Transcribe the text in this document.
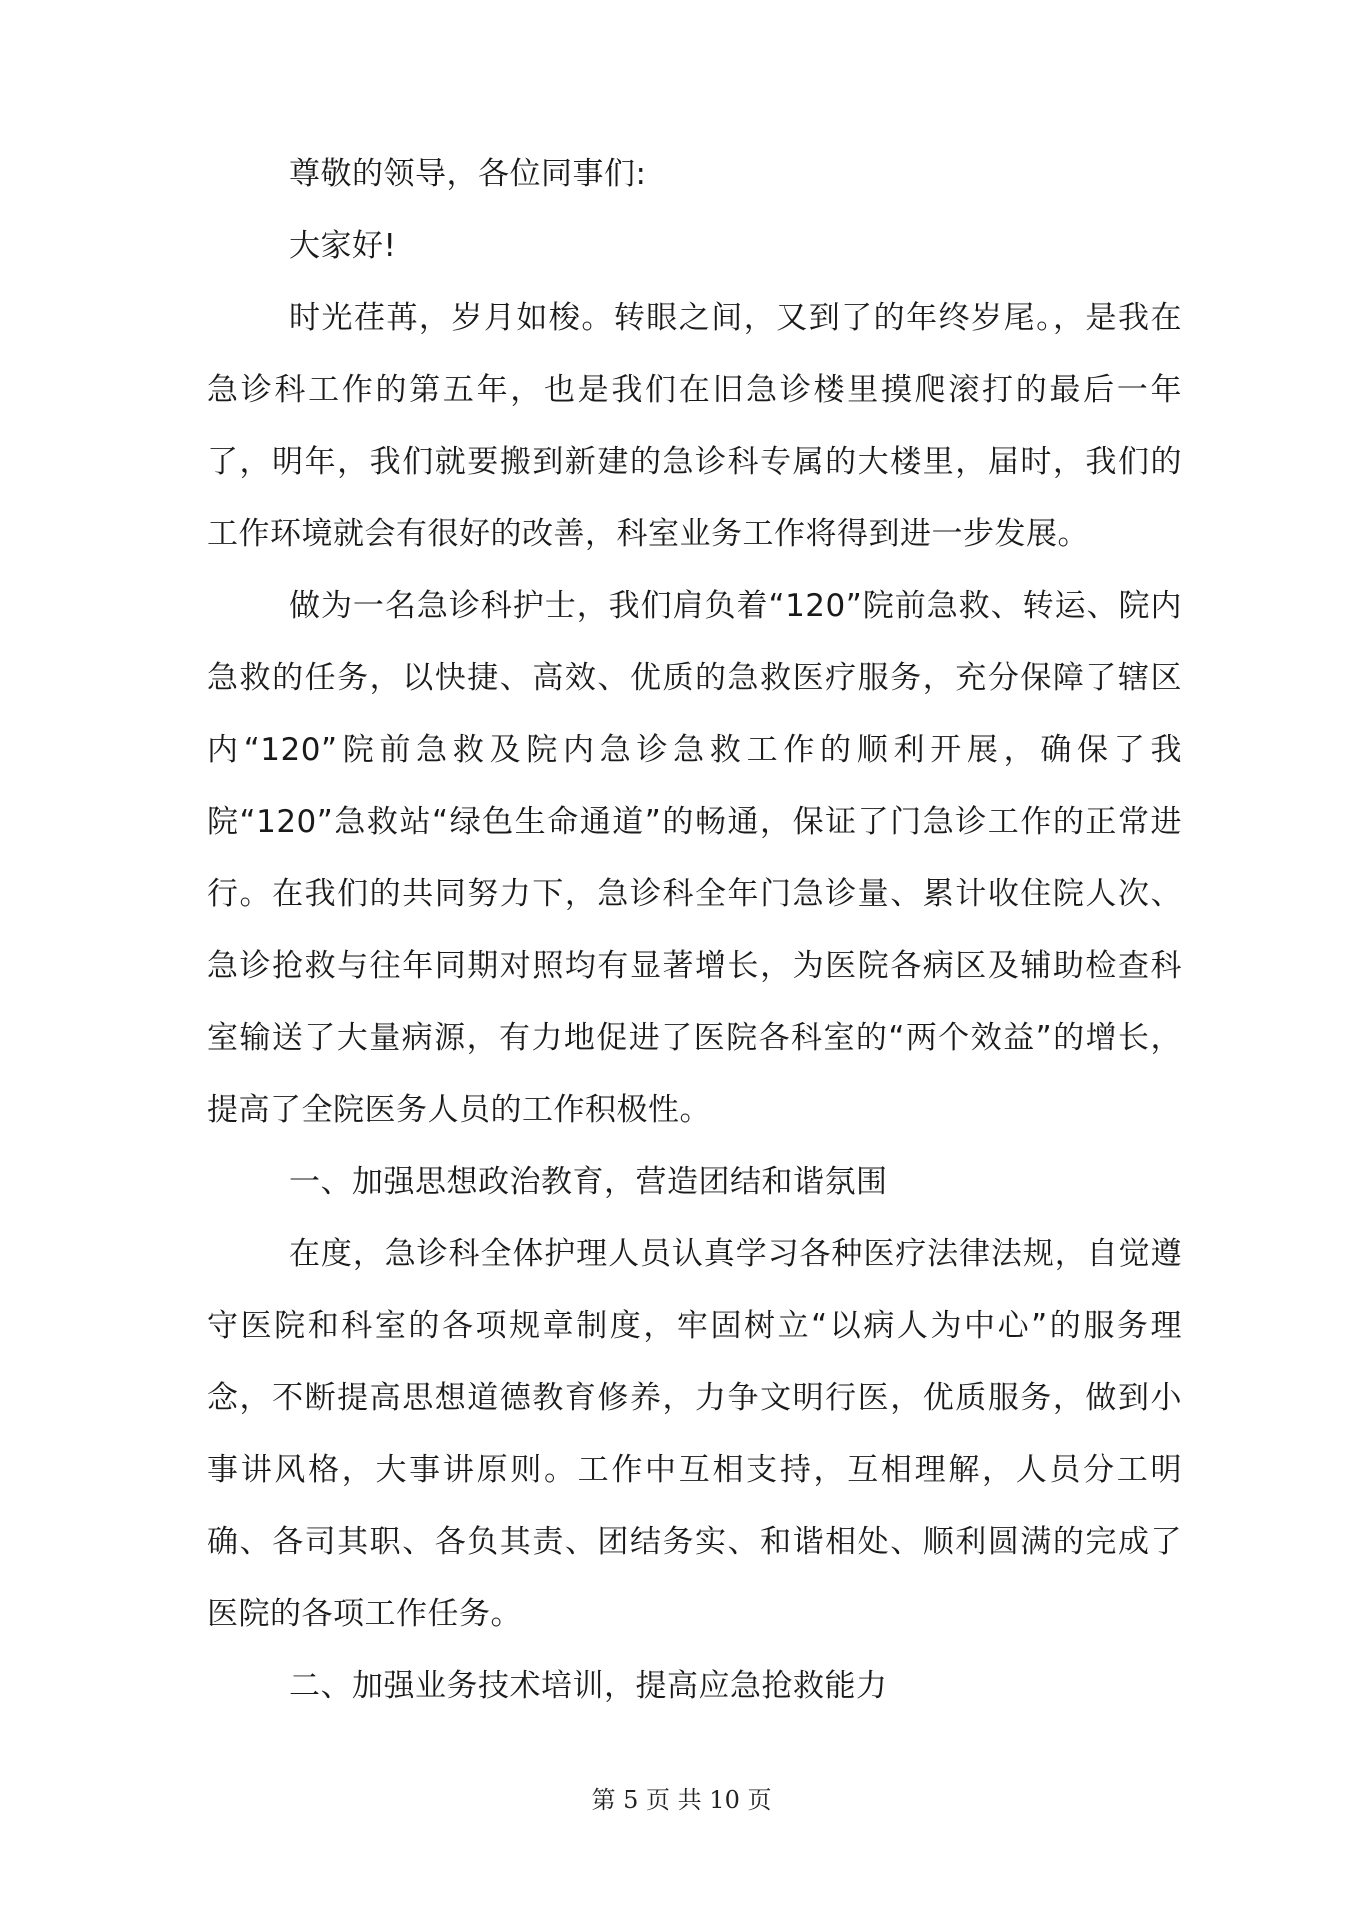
尊敬的领导，各位同事们:

大家好!

时光荏苒，岁月如梭。转眼之间，又到了的年终岁尾。，是我在急诊科工作的第五年，也是我们在旧急诊楼里摸爬滚打的最后一年了，明年，我们就要搬到新建的急诊科专属的大楼里，届时，我们的工作环境就会有很好的改善，科室业务工作将得到进一步发展。

做为一名急诊科护士，我们肩负着“120”院前急救、转运、院内急救的任务，以快捷、高效、优质的急救医疗服务，充分保障了辖区内“120”院前急救及院内急诊急救工作的顺利开展，确保了我院“120”急救站“绿色生命通道”的畅通，保证了门急诊工作的正常进行。在我们的共同努力下，急诊科全年门急诊量、累计收住院人次、急诊抢救与往年同期对照均有显著增长，为医院各病区及辅助检查科室输送了大量病源，有力地促进了医院各科室的“两个效益”的增长，提高了全院医务人员的工作积极性。

一、加强思想政治教育，营造团结和谐氛围

在度，急诊科全体护理人员认真学习各种医疗法律法规，自觉遵守医院和科室的各项规章制度，牢固树立“以病人为中心”的服务理念，不断提高思想道德教育修养，力争文明行医，优质服务，做到小事讲风格，大事讲原则。工作中互相支持，互相理解，人员分工明确、各司其职、各负其责、团结务实、和谐相处、顺利圆满的完成了医院的各项工作任务。

二、加强业务技术培训，提高应急抢救能力

第 5 页 共 10 页
